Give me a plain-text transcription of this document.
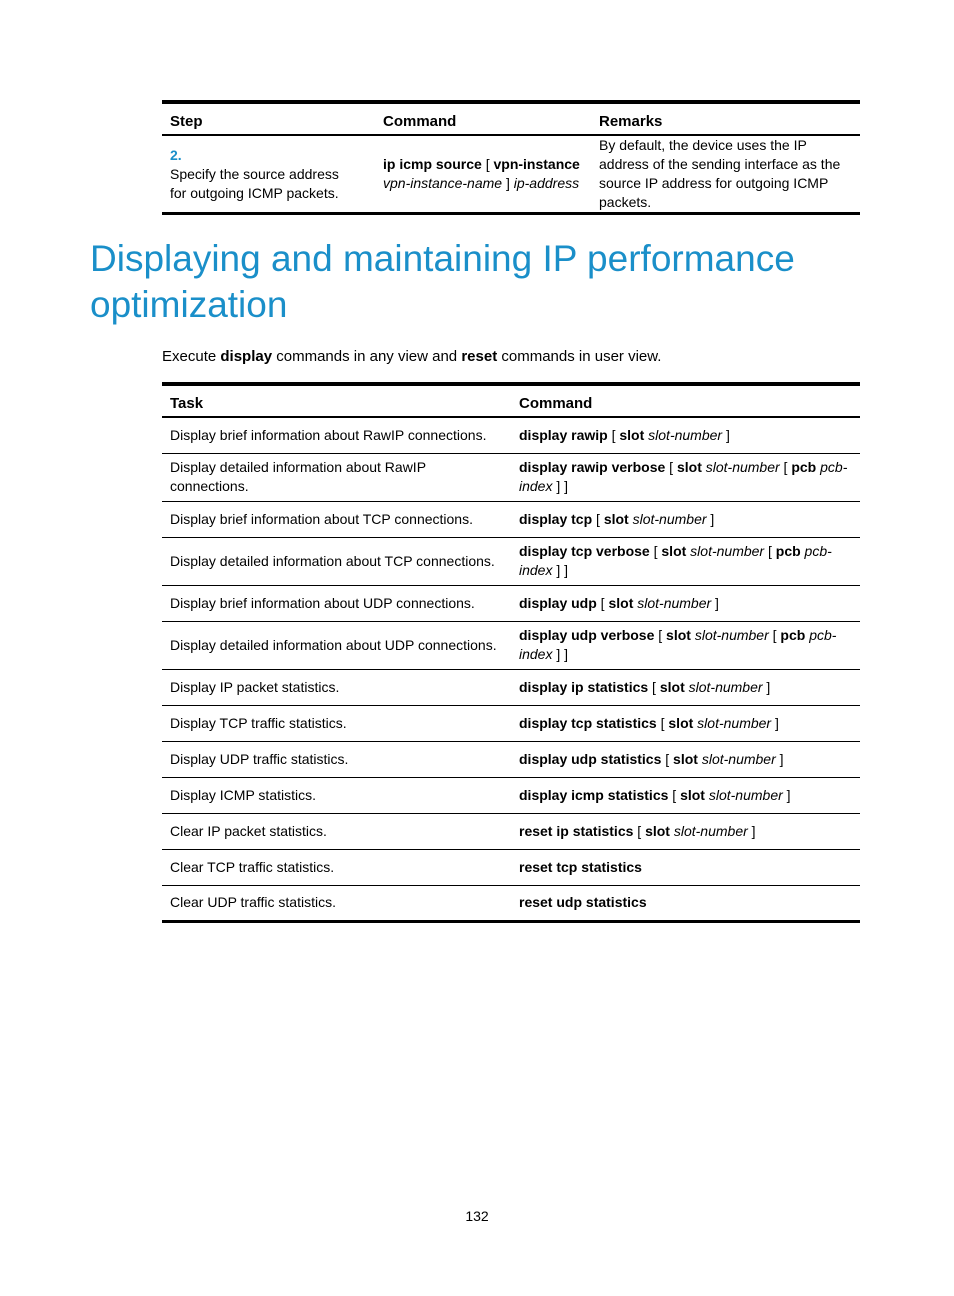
Step	Command	Remarks
2.Specify the source address for outgoing ICMP packets.	ip icmp source [ vpn-instance vpn-instance-name ] ip-address	By default, the device uses the IP address of the sending interface as the source IP address for outgoing ICMP packets.
Displaying and maintaining IP performance optimization

Execute display commands in any view and reset commands in user view.

Task	Command
Display brief information about RawIP connections.	display rawip [ slot slot-number ]
Display detailed information about RawIP connections.	display rawip verbose [ slot slot-number [ pcb pcb-index ] ]
Display brief information about TCP connections.	display tcp [ slot slot-number ]
Display detailed information about TCP connections.	display tcp verbose [ slot slot-number [ pcb pcb-index ] ]
Display brief information about UDP connections.	display udp [ slot slot-number ]
Display detailed information about UDP connections.	display udp verbose [ slot slot-number [ pcb pcb-index ] ]
Display IP packet statistics.	display ip statistics [ slot slot-number ]
Display TCP traffic statistics.	display tcp statistics [ slot slot-number ]
Display UDP traffic statistics.	display udp statistics [ slot slot-number ]
Display ICMP statistics.	display icmp statistics [ slot slot-number ]
Clear IP packet statistics.	reset ip statistics [ slot slot-number ]
Clear TCP traffic statistics.	reset tcp statistics
Clear UDP traffic statistics.	reset udp statistics
132
